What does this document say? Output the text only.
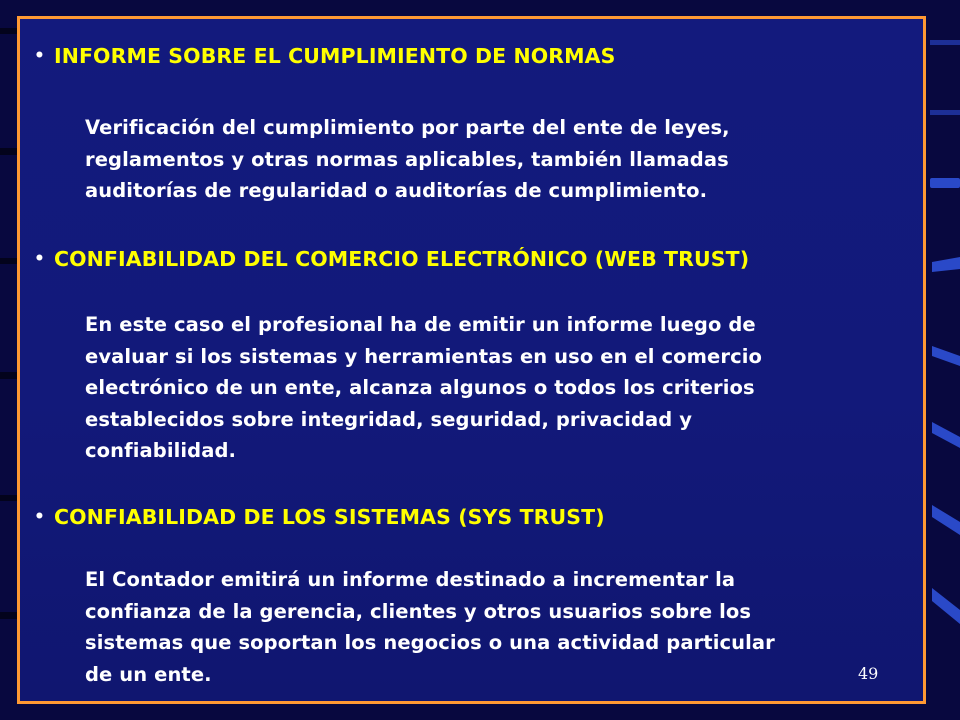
• INFORME SOBRE EL CUMPLIMIENTO DE NORMAS
Verificación del cumplimiento por parte del ente de leyes,
reglamentos y otras normas aplicables, también llamadas
auditorías de regularidad o auditorías de cumplimiento.
• CONFIABILIDAD DEL COMERCIO ELECTRÓNICO (WEB TRUST)
En este caso el profesional ha de emitir un informe luego de
evaluar si los sistemas y herramientas en uso en el comercio
electrónico de un ente, alcanza algunos o todos los criterios
establecidos sobre integridad, seguridad, privacidad y
confiabilidad.
• CONFIABILIDAD DE LOS SISTEMAS (SYS TRUST)
El Contador emitirá un informe destinado a incrementar la
confianza de la gerencia, clientes y otros usuarios sobre los
sistemas que soportan los negocios o una actividad particular
de un ente.	49
